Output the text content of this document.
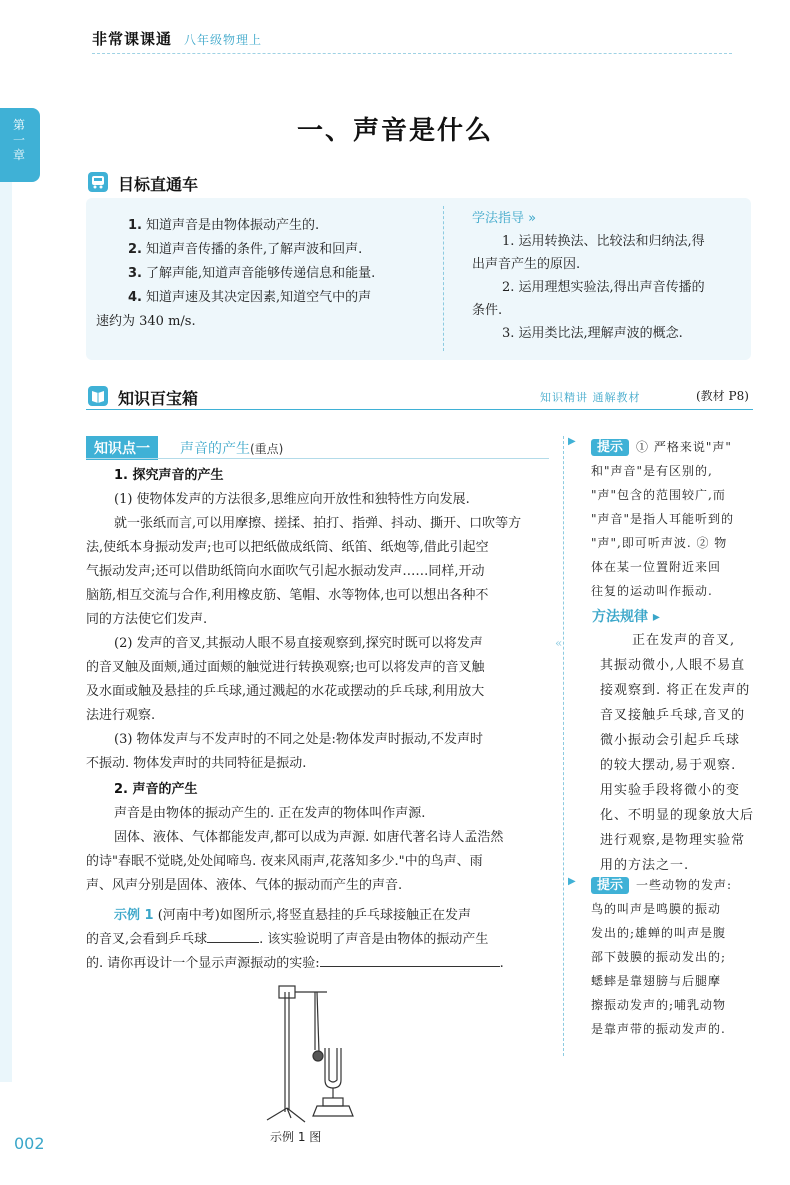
非常课课通 八年级物理上
第一章
一、声音是什么
目标直通车
1. 知道声音是由物体振动产生的.
2. 知道声音传播的条件,了解声波和回声.
3. 了解声能,知道声音能够传递信息和能量.
4. 知道声速及其决定因素,知道空气中的声
速约为 340 m/s.
学法指导 »
1. 运用转换法、比较法和归纳法,得
出声音产生的原因.
2. 运用理想实验法,得出声音传播的
条件.
3. 运用类比法,理解声波的概念.
知识百宝箱	知识精讲 通解教材	(教材 P8)
知识点一	声音的产生(重点)
1. 探究声音的产生
(1) 使物体发声的方法很多,思维应向开放性和独特性方向发展.
就一张纸而言,可以用摩擦、搓揉、拍打、指弹、抖动、撕开、口吹等方
法,使纸本身振动发声;也可以把纸做成纸筒、纸笛、纸炮等,借此引起空
气振动发声;还可以借助纸筒向水面吹气引起水振动发声……同样,开动
脑筋,相互交流与合作,利用橡皮筋、笔帽、水等物体,也可以想出各种不
同的方法使它们发声.
(2) 发声的音叉,其振动人眼不易直接观察到,探究时既可以将发声
的音叉触及面颊,通过面颊的触觉进行转换观察;也可以将发声的音叉触
及水面或触及悬挂的乒乓球,通过溅起的水花或摆动的乒乓球,利用放大
法进行观察.
(3) 物体发声与不发声时的不同之处是:物体发声时振动,不发声时
不振动. 物体发声时的共同特征是振动.
2. 声音的产生
声音是由物体的振动产生的. 正在发声的物体叫作声源.
固体、液体、气体都能发声,都可以成为声源. 如唐代著名诗人孟浩然
的诗"春眠不觉晓,处处闻啼鸟. 夜来风雨声,花落知多少."中的鸟声、雨
声、风声分别是固体、液体、气体的振动而产生的声音.
示例 1 (河南中考)如图所示,将竖直悬挂的乒乓球接触正在发声
的音叉,会看到乒乓球	. 该实验说明了声音是由物体的振动产生
的. 请你再设计一个显示声源振动的实验:	.
示例 1 图
▶
«
▶
提示	① 严格来说"声"
和"声音"是有区别的,
"声"包含的范围较广,而
"声音"是指人耳能听到的
"声",即可听声波. ② 物
体在某一位置附近来回
往复的运动叫作振动.
方法规律 ▸
正在发声的音叉,
其振动微小,人眼不易直
接观察到. 将正在发声的
音叉接触乒乓球,音叉的
微小振动会引起乒乓球
的较大摆动,易于观察.
用实验手段将微小的变
化、不明显的现象放大后
进行观察,是物理实验常
用的方法之一.
提示	一些动物的发声:
鸟的叫声是鸣膜的振动
发出的;雄蝉的叫声是腹
部下鼓膜的振动发出的;
蟋蟀是靠翅膀与后腿摩
擦振动发声的;哺乳动物
是靠声带的振动发声的.
002
